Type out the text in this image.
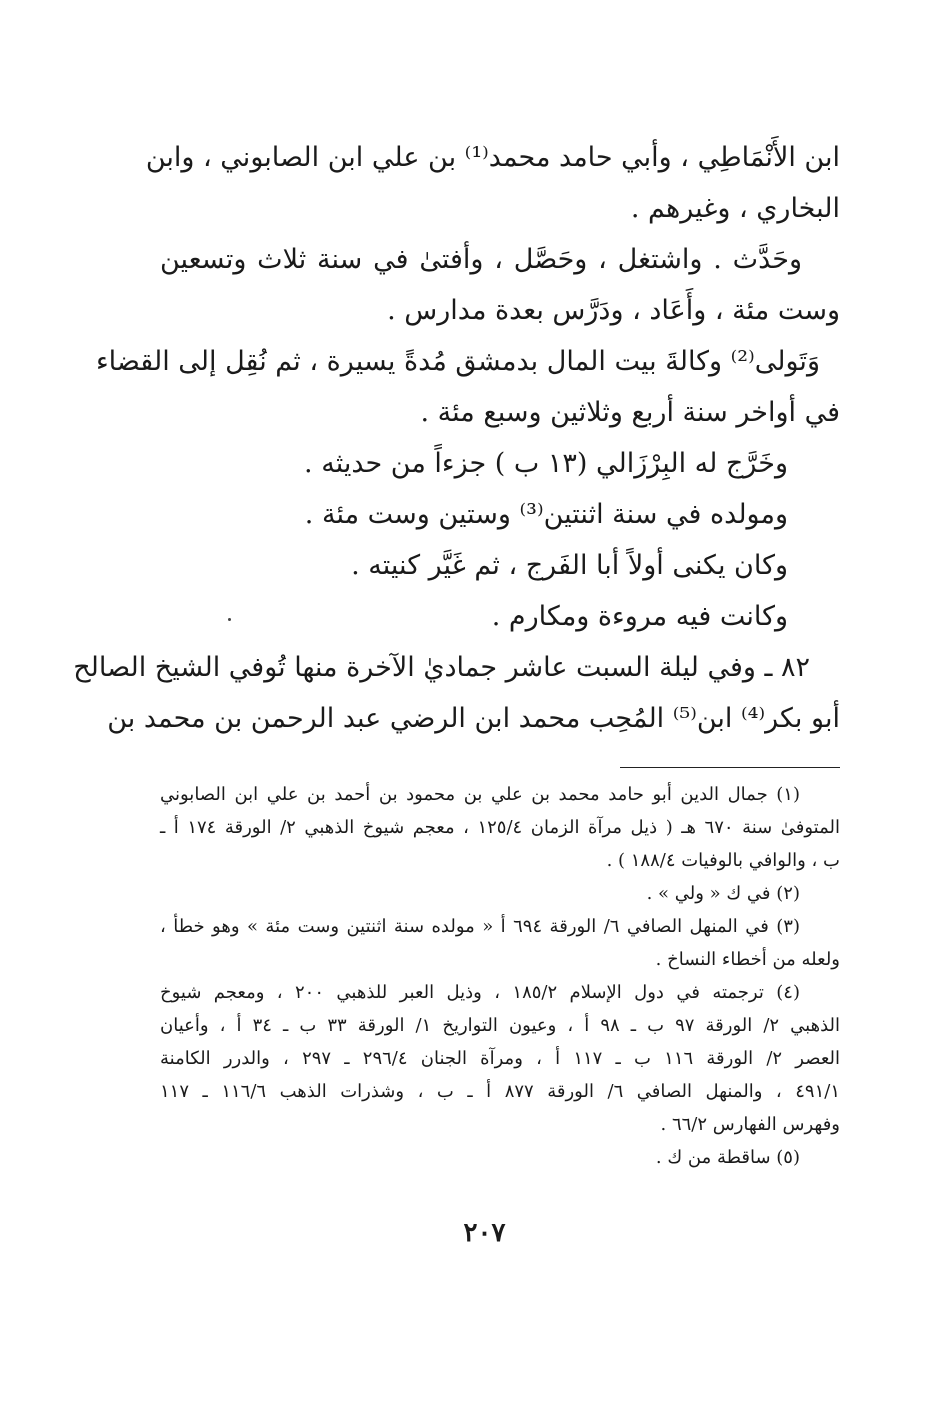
ابن الأَنْمَاطِي ، وأبي حامد محمد⁽¹⁾ بن علي ابن الصابوني ، وابن
البخاري ، وغيرهم .
وحَدَّث . واشتغل ، وحَصَّل ، وأفتىٰ في سنة ثلاث وتسعين
وست مئة ، وأَعَاد ، ودَرَّس بعدة مدارس .
وَتَولى⁽²⁾ وكالةَ بيت المال بدمشق مُدةً يسيرة ، ثم نُقِل إلى القضاء
في أواخر سنة أربع وثلاثين وسبع مئة .
وخَرَّج له البِرْزَالي (١٣ ب ) جزءاً من حديثه .
ومولده في سنة اثنتين⁽³⁾ وستين وست مئة .
وكان يكنى أولاً أبا الفَرج ، ثم غَيَّر كنيته .
وكانت فيه مروءة ومكارم .
٨٢ ـ وفي ليلة السبت عاشر جماديٰ الآخرة منها تُوفي الشيخ الصالح
أبو بكر⁽⁴⁾ ابن⁽⁵⁾ المُحِب محمد ابن الرضي عبد الرحمن بن محمد بن
(١) جمال الدين أبو حامد محمد بن علي بن محمود بن أحمد بن علي ابن الصابوني
المتوفىٰ سنة ٦٧٠ هـ ( ذيل مرآة الزمان ١٢٥/٤ ، معجم شيوخ الذهبي ٢/ الورقة ١٧٤ أ ـ
ب ، والوافي بالوفيات ١٨٨/٤ ) .
(٢) في ك « ولي » .
(٣) في المنهل الصافي ٦/ الورقة ٦٩٤ أ « مولده سنة اثنتين وست مئة » وهو خطأ ،
ولعله من أخطاء النساخ .
(٤) ترجمته في دول الإسلام ١٨٥/٢ ، وذيل العبر للذهبي ٢٠٠ ، ومعجم شيوخ
الذهبي ٢/ الورقة ٩٧ ب ـ ٩٨ أ ، وعيون التواريخ ١/ الورقة ٣٣ ب ـ ٣٤ أ ، وأعيان
العصر ٢/ الورقة ١١٦ ب ـ ١١٧ أ ، ومرآة الجنان ٢٩٦/٤ ـ ٢٩٧ ، والدرر الكامنة
٤٩١/١ ، والمنهل الصافي ٦/ الورقة ٨٧٧ أ ـ ب ، وشذرات الذهب ١١٦/٦ ـ ١١٧
وفهرس الفهارس ٦٦/٢ .
(٥) ساقطة من ك .
٢٠٧
